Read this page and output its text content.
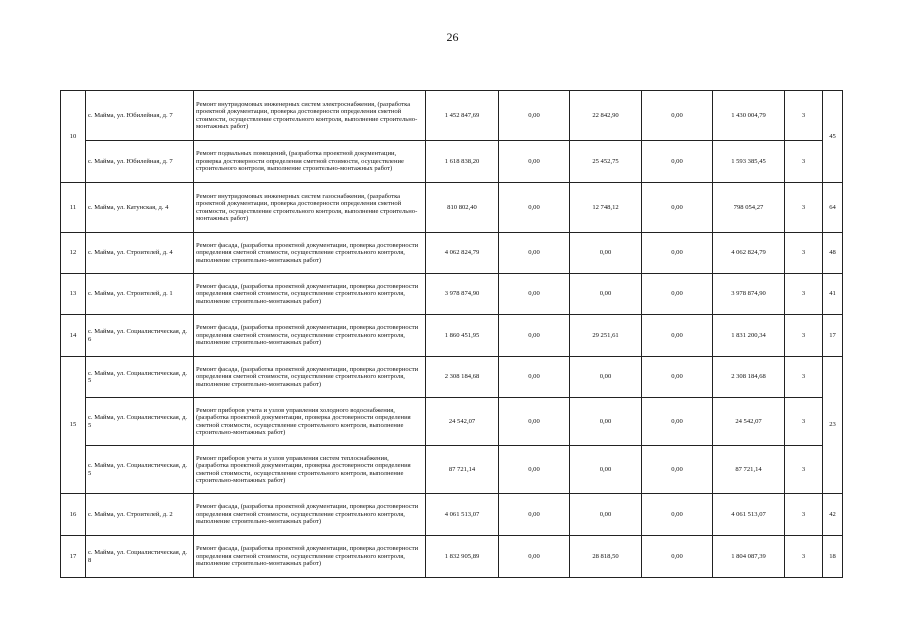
26
10	с. Майма, ул. Юбилейная, д. 7	Ремонт внутридомовых инженерных систем электроснабжения, (разработка проектной документации, проверка достоверности определения сметной стоимости, осуществление строительного контроля, выполнение строительно-монтажных работ)	1 452 847,69	0,00	22 842,90	0,00	1 430 004,79	3	45
	с. Майма, ул. Юбилейная, д. 7	Ремонт подвальных помещений, (разработка проектной документации, проверка достоверности определения сметной стоимости, осуществление строительного контроля, выполнение строительно-монтажных работ)	1 618 838,20	0,00	25 452,75	0,00	1 593 385,45	3	
11	с. Майма, ул. Катунская, д. 4	Ремонт внутридомовых инженерных систем газоснабжения, (разработка проектной документации, проверка достоверности определения сметной стоимости, осуществление строительного контроля, выполнение строительно-монтажных работ)	810 802,40	0,00	12 748,12	0,00	798 054,27	3	64
12	с. Майма, ул. Строителей, д. 4	Ремонт фасада, (разработка проектной документации, проверка достоверности определения сметной стоимости, осуществление строительного контроля, выполнение строительно-монтажных работ)	4 062 824,79	0,00	0,00	0,00	4 062 824,79	3	48
13	с. Майма, ул. Строителей, д. 1	Ремонт фасада, (разработка проектной документации, проверка достоверности определения сметной стоимости, осуществление строительного контроля, выполнение строительно-монтажных работ)	3 978 874,90	0,00	0,00	0,00	3 978 874,90	3	41
14	с. Майма, ул. Социалистическая, д. 6	Ремонт фасада, (разработка проектной документации, проверка достоверности определения сметной стоимости, осуществление строительного контроля, выполнение строительно-монтажных работ)	1 860 451,95	0,00	29 251,61	0,00	1 831 200,34	3	17
15	с. Майма, ул. Социалистическая, д. 5	Ремонт фасада, (разработка проектной документации, проверка достоверности определения сметной стоимости, осуществление строительного контроля, выполнение строительно-монтажных работ)	2 308 184,68	0,00	0,00	0,00	2 308 184,68	3	23
	с. Майма, ул. Социалистическая, д. 5	Ремонт приборов учета и узлов управления холодного водоснабжения, (разработка проектной документации, проверка достоверности определения сметной стоимости, осуществление строительного контроля, выполнение строительно-монтажных работ)	24 542,07	0,00	0,00	0,00	24 542,07	3	
	с. Майма, ул. Социалистическая, д. 5	Ремонт приборов учета и узлов управления систем теплоснабжения, (разработка проектной документации, проверка достоверности определения сметной стоимости, осуществление строительного контроля, выполнение строительно-монтажных работ)	87 721,14	0,00	0,00	0,00	87 721,14	3	
16	с. Майма, ул. Строителей, д. 2	Ремонт фасада, (разработка проектной документации, проверка достоверности определения сметной стоимости, осуществление строительного контроля, выполнение строительно-монтажных работ)	4 061 513,07	0,00	0,00	0,00	4 061 513,07	3	42
17	с. Майма, ул. Социалистическая, д. 8	Ремонт фасада, (разработка проектной документации, проверка достоверности определения сметной стоимости, осуществление строительного контроля, выполнение строительно-монтажных работ)	1 832 905,89	0,00	28 818,50	0,00	1 804 087,39	3	18
